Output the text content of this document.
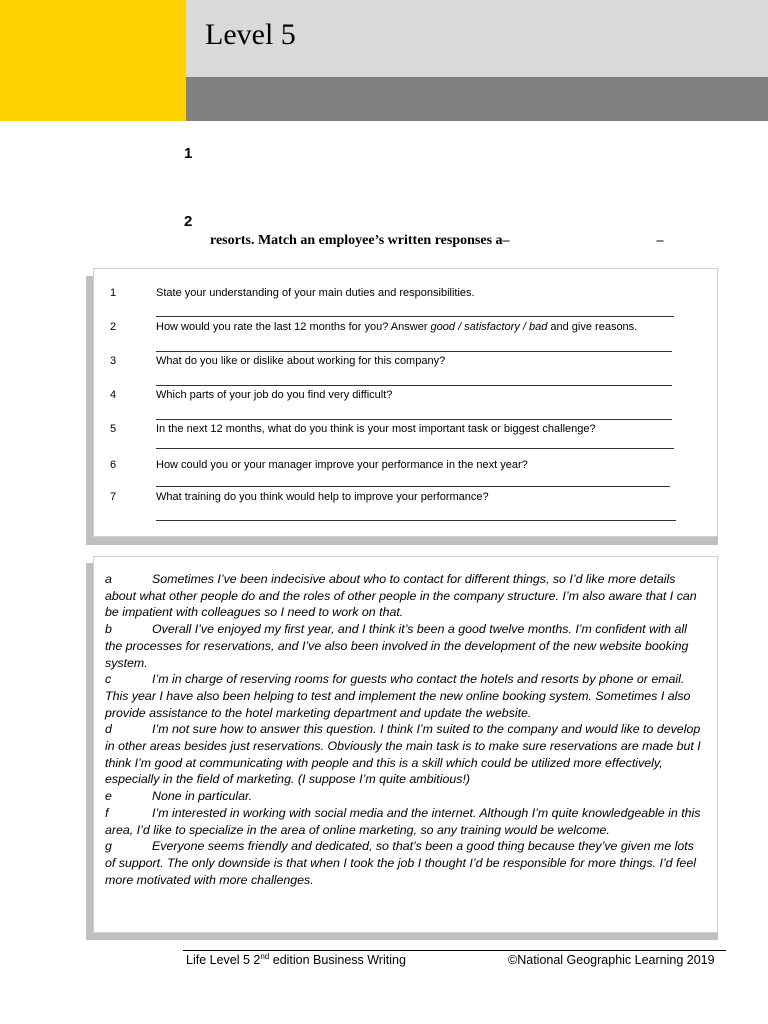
Level 5
1
2
resorts. Match an employee’s written responses a–                                          –
1	State your understanding of your main duties and responsibilities.
2	How would you rate the last 12 months for you? Answer good / satisfactory / bad and give reasons.
3	What do you like or dislike about working for this company?
4	Which parts of your job do you find very difficult?
5	In the next 12 months, what do you think is your most important task or biggest challenge?
6	How could you or your manager improve your performance in the next year?
7	What training do you think would help to improve your performance?
a	Sometimes I’ve been indecisive about who to contact for different things, so I’d like more details about what other people do and the roles of other people in the company structure. I’m also aware that I can be impatient with colleagues so I need to work on that.
b	Overall I’ve enjoyed my first year, and I think it’s been a good twelve months. I’m confident with all the processes for reservations, and I’ve also been involved in the development of the new website booking system.
c	I’m in charge of reserving rooms for guests who contact the hotels and resorts by phone or email. This year I have also been helping to test and implement the new online booking system. Sometimes I also provide assistance to the hotel marketing department and update the website.
d	I’m not sure how to answer this question. I think I’m suited to the company and would like to develop in other areas besides just reservations. Obviously the main task is to make sure reservations are made but I think I’m good at communicating with people and this is a skill which could be utilized more effectively, especially in the field of marketing. (I suppose I’m quite ambitious!)
e	None in particular.
f	I’m interested in working with social media and the internet. Although I’m quite knowledgeable in this area, I’d like to specialize in the area of online marketing, so any training would be welcome.
g	Everyone seems friendly and dedicated, so that’s been a good thing because they’ve given me lots of support. The only downside is that when I took the job I thought I’d be responsible for more things. I’d feel more motivated with more challenges.
Life Level 5 2nd edition Business Writing	©National Geographic Learning 2019
